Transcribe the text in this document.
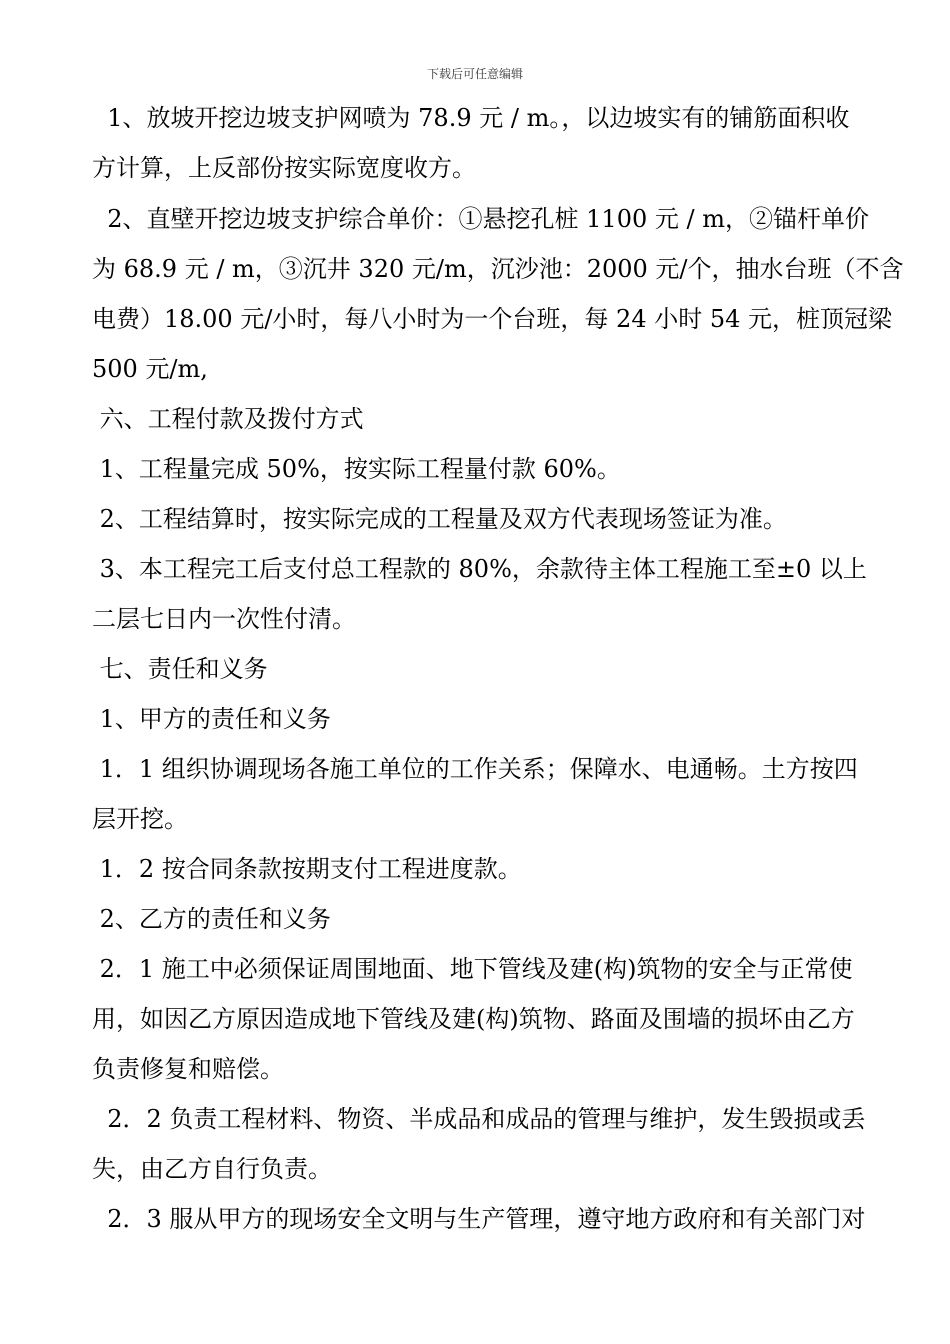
下载后可任意编辑
1、放坡开挖边坡支护网喷为 78.9 元 / m。，以边坡实有的铺筋面积收
方计算，上反部份按实际宽度收方。
2、直壁开挖边坡支护综合单价：①悬挖孔桩 1100 元 / m，②锚杆单价
为 68.9 元 / m，③沉井 320 元/m，沉沙池：2000 元/个，抽水台班（不含
电费）18.00 元/小时，每八小时为一个台班，每 24 小时 54 元，桩顶冠梁
500 元/m,
六、工程付款及拨付方式
1、工程量完成 50%，按实际工程量付款 60%。
2、工程结算时，按实际完成的工程量及双方代表现场签证为准。
3、本工程完工后支付总工程款的 80%，余款待主体工程施工至±0 以上
二层七日内一次性付清。
七、责任和义务
1、甲方的责任和义务
1．1 组织协调现场各施工单位的工作关系；保障水、电通畅。土方按四
层开挖。
1．2 按合同条款按期支付工程进度款。
2、乙方的责任和义务
2．1 施工中必须保证周围地面、地下管线及建(构)筑物的安全与正常使
用，如因乙方原因造成地下管线及建(构)筑物、路面及围墙的损坏由乙方
负责修复和赔偿。
2．2 负责工程材料、物资、半成品和成品的管理与维护，发生毁损或丢
失，由乙方自行负责。
2．3 服从甲方的现场安全文明与生产管理，遵守地方政府和有关部门对
